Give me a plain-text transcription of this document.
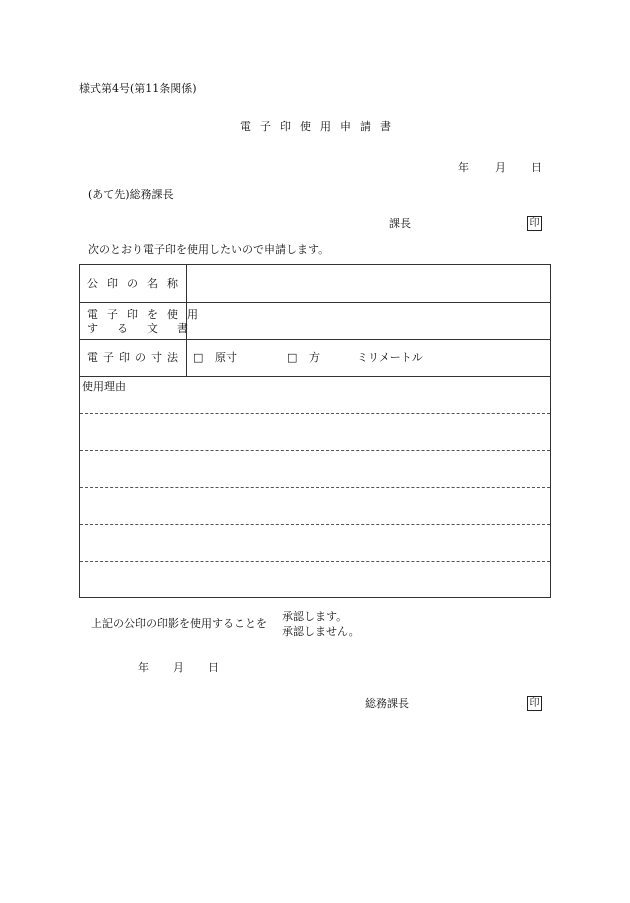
様式第4号(第11条関係)
電子印使用申請書
年 月 日
(あて先)総務課長
課長	印
次のとおり電子印を使用したいので申請します。
公印の名称
電子印を使用
する文書
電子印の寸法 □ 原寸	□ 方	ミリメートル
使用理由
上記の公印の印影を使用することを
承認します。
承認しません。
年 月 日
総務課長	印
